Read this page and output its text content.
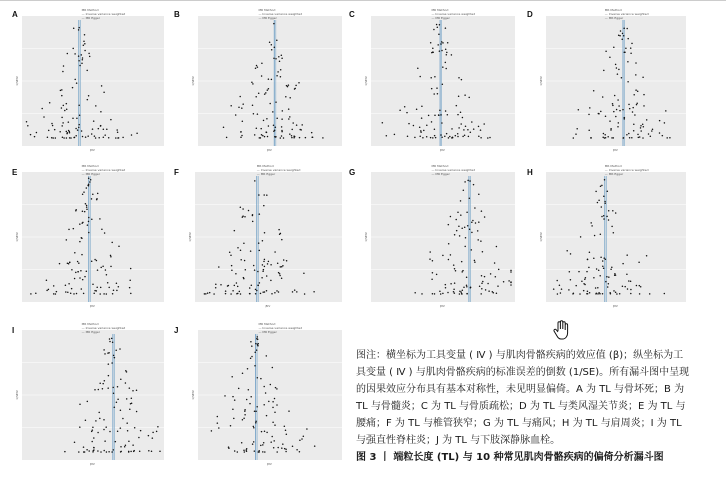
A	MR Method
— Inverse variance weighted
— MR Egger
βIV
1/SEIV
B	MR Method
— Inverse variance weighted
— MR Egger
βIV
1/SEIV
C	MR Method
— Inverse variance weighted
— MR Egger
βIV
1/SEIV
D	MR Method
— Inverse variance weighted
— MR Egger
βIV
1/SEIV
E
MR Method
— Inverse variance weighted
— MR Egger
βIV
1/SEIV
F
MR Method
— Inverse variance weighted
— MR Egger
βIV
1/SEIV
G
MR Method
— Inverse variance weighted
— MR Egger
βIV
1/SEIV
H
MR Method
— Inverse variance weighted
— MR Egger
βIV
1/SEIV
I
MR Method
— Inverse variance weighted
— MR Egger
βIV
1/SEIV
J
MR Method
— Inverse variance weighted
— MR Egger
βIV
1/SEIV

图注：横坐标为工具变量 ( Ⅳ ) 与肌肉骨骼疾病的效应值 (β)；纵坐标为工具变量 ( Ⅳ ) 与肌肉骨骼疾病的标准误差的倒数 (1/SE)。所有漏斗图中呈现的因果效应分布具有基本对称性，未见明显偏倚。A 为 TL 与骨坏死；B 为 TL 与骨髓炎；C 为 TL 与骨质疏松；D 为 TL 与类风湿关节炎；E 为 TL 与腰痛；F 为 TL 与椎管狭窄；G 为 TL 与痛风；H 为 TL 与肩周炎；Ⅰ 为 TL 与强直性脊柱炎；J 为 TL 与下肢深静脉血栓。

图 3 丨 端粒长度 (TL) 与 10 种常见肌肉骨骼疾病的偏倚分析漏斗图
